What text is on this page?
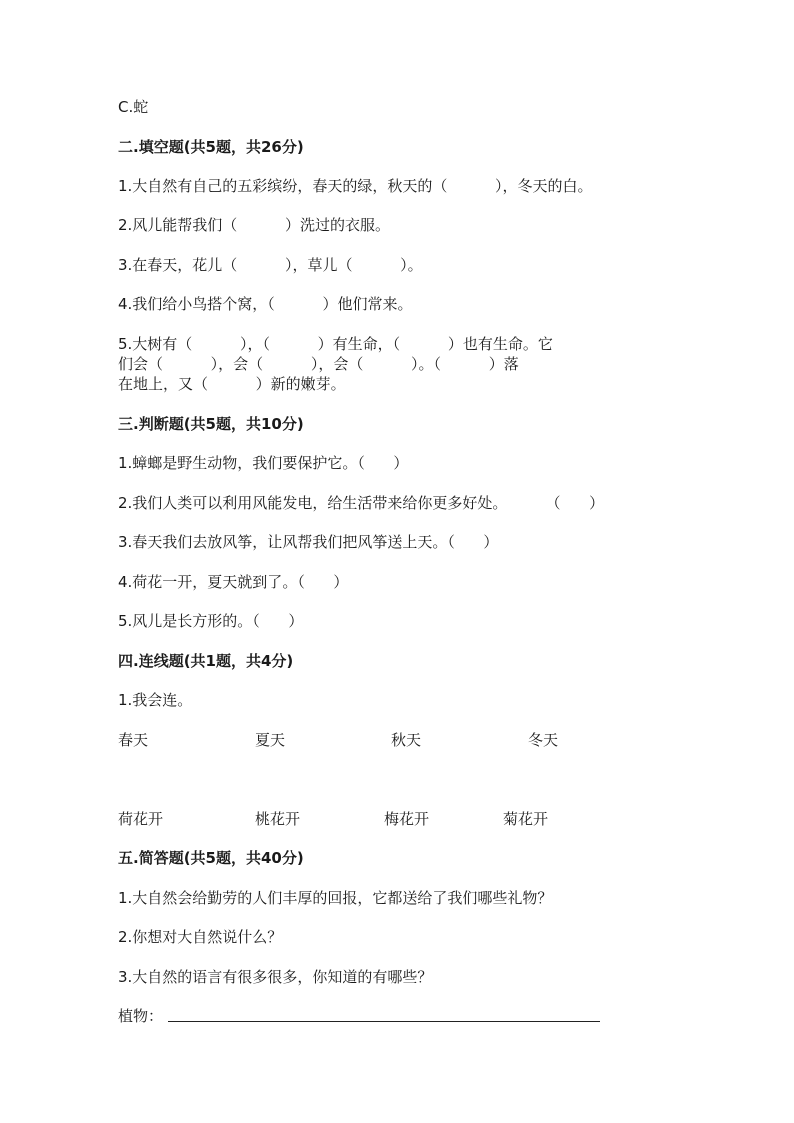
C.蛇
二.填空题(共5题，共26分)
1.大自然有自己的五彩缤纷，春天的绿，秋天的（          ），冬天的白。
2.风儿能帮我们（          ）洗过的衣服。
3.在春天，花儿（          ），草儿（          ）。
4.我们给小鸟搭个窝，（          ）他们常来。
5.大树有（          ），（          ）有生命，（          ）也有生命。它
们会（          ），会（          ），会（          ）。（          ）落
在地上，又（          ）新的嫩芽。
三.判断题(共5题，共10分)
1.蟑螂是野生动物，我们要保护它。（      ）
2.我们人类可以利用风能发电，给生活带来给你更多好处。        （      ）
3.春天我们去放风筝，让风帮我们把风筝送上天。（      ）
4.荷花一开，夏天就到了。（      ）
5.风儿是长方形的。（      ）
四.连线题(共1题，共4分)
1.我会连。
春天	夏天	秋天	冬天
荷花开	桃花开	梅花开	菊花开
五.简答题(共5题，共40分)
1.大自然会给勤劳的人们丰厚的回报，它都送给了我们哪些礼物？
2.你想对大自然说什么？
3.大自然的语言有很多很多，你知道的有哪些？
植物：
